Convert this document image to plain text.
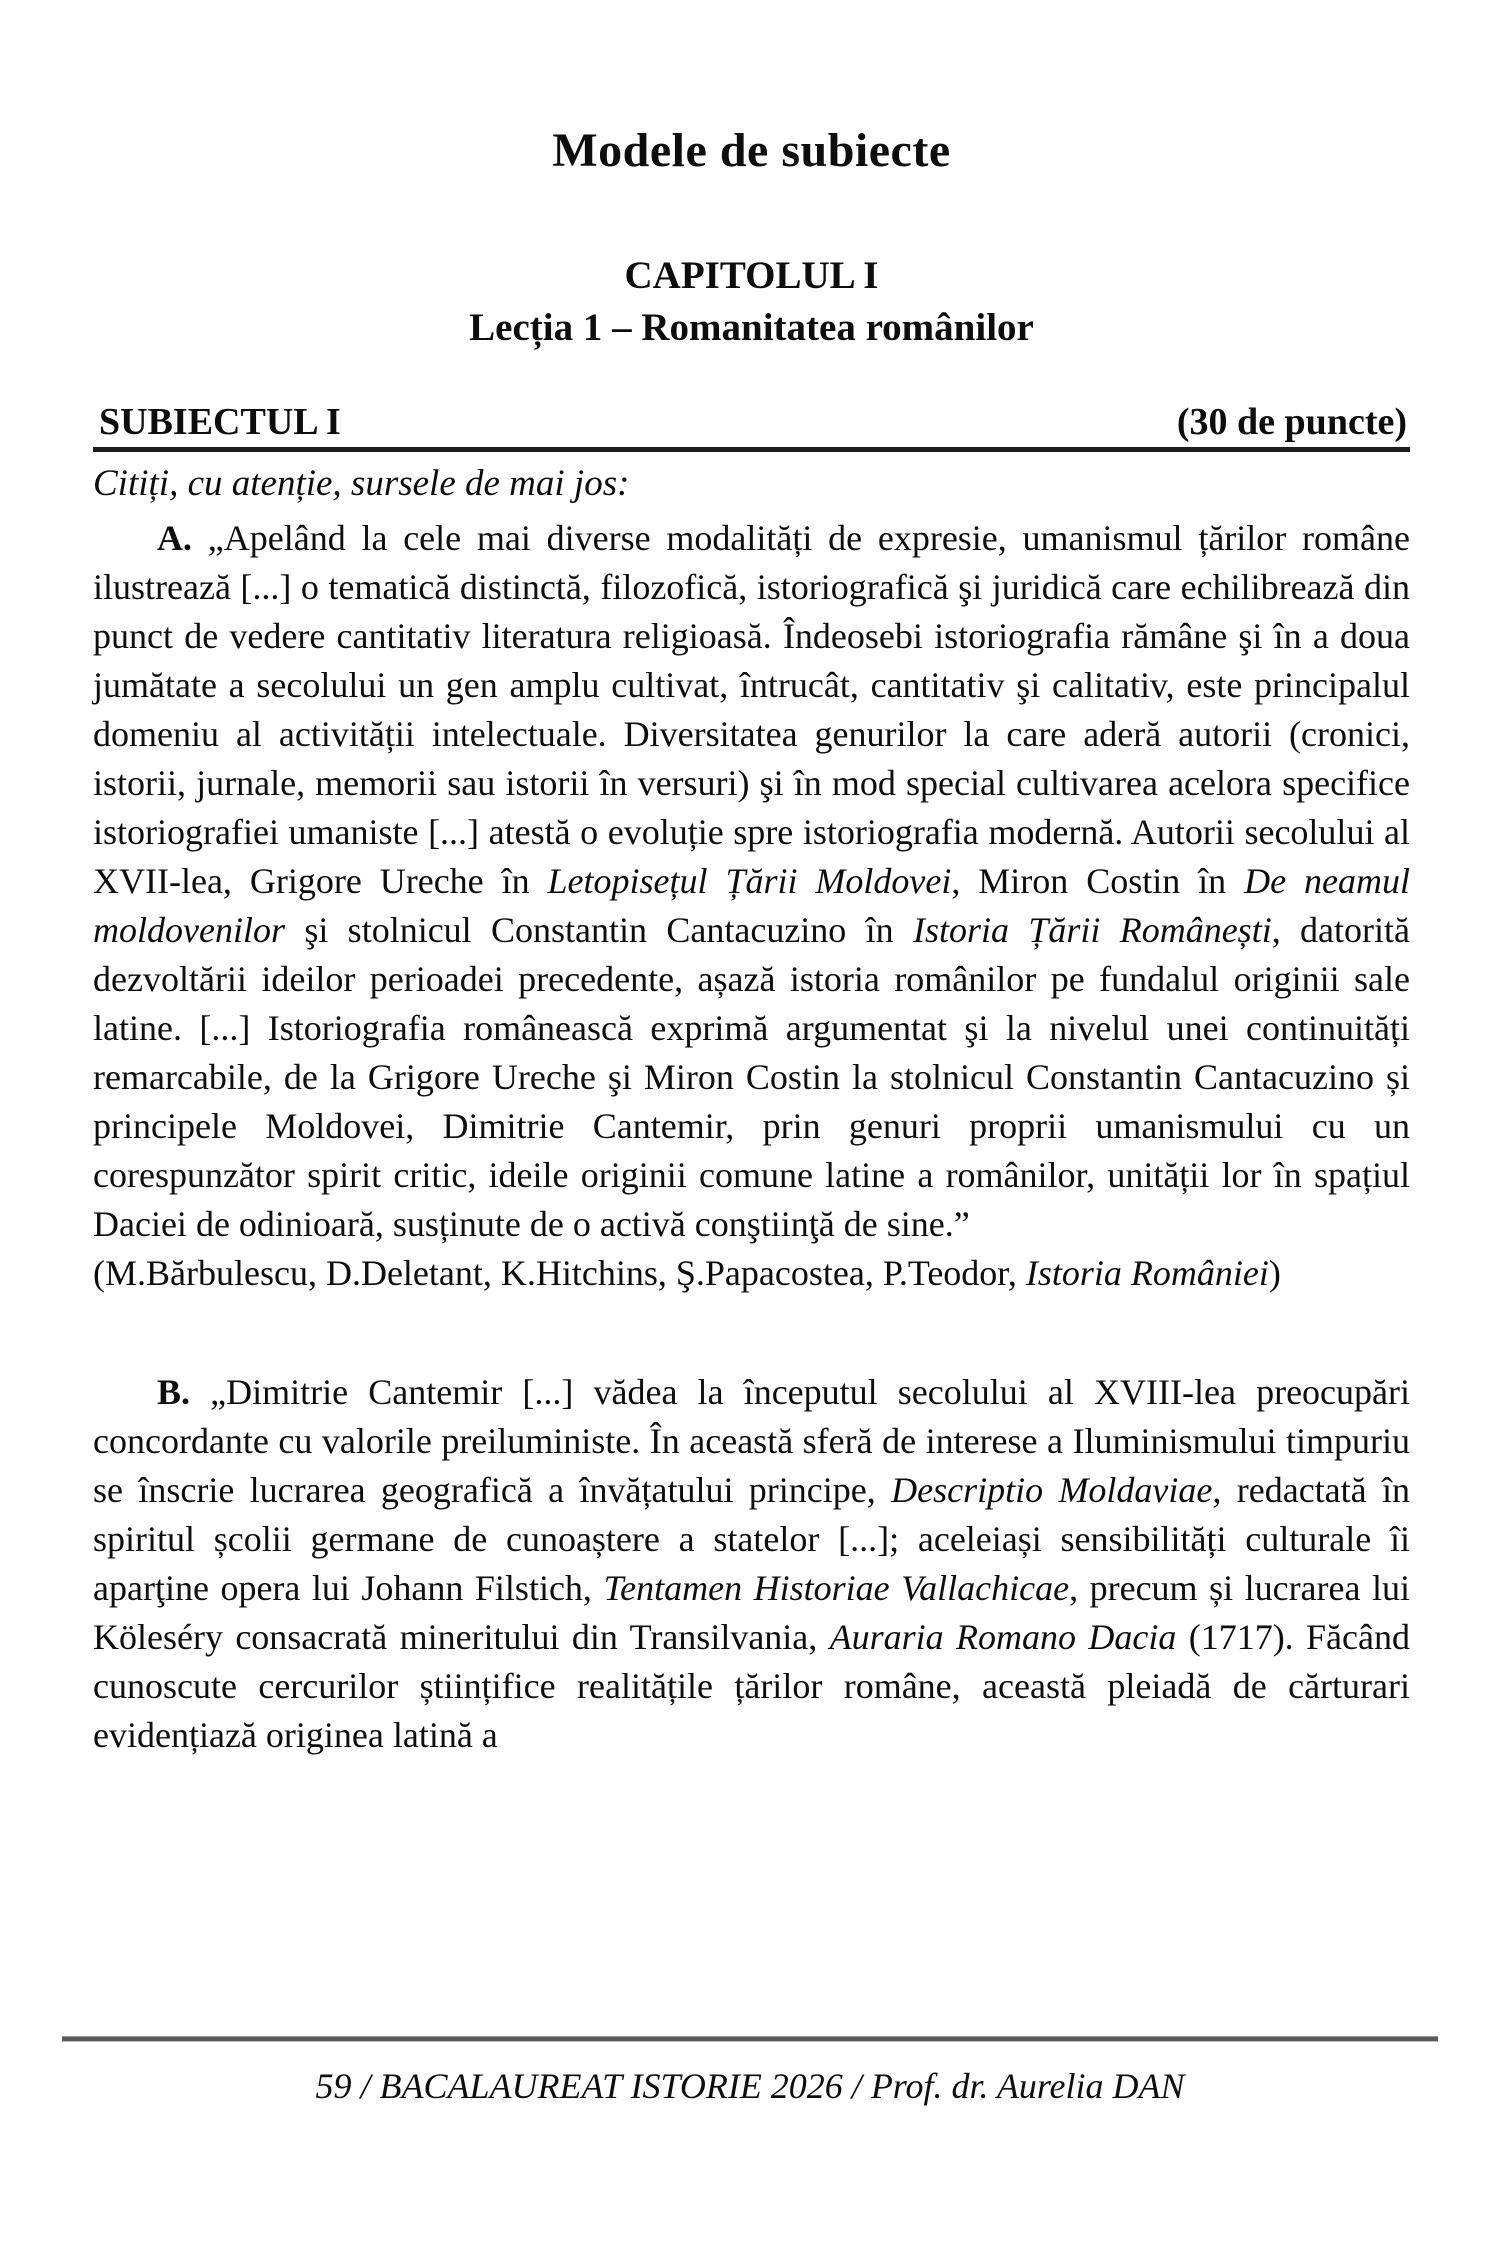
Modele de subiecte
CAPITOLUL I
Lecția 1 – Romanitatea românilor
SUBIECTUL I	(30 de puncte)
Citiți, cu atenție, sursele de mai jos:

A. „Apelând la cele mai diverse modalități de expresie, umanismul țărilor române ilustrează [...] o tematică distinctă, filozofică, istoriografică şi juridică care echilibrează din punct de vedere cantitativ literatura religioasă. Îndeosebi istoriografia rămâne şi în a doua jumătate a secolului un gen amplu cultivat, întrucât, cantitativ şi calitativ, este principalul domeniu al activității intelectuale. Diversitatea genurilor la care aderă autorii (cronici, istorii, jurnale, memorii sau istorii în versuri) şi în mod special cultivarea acelora specifice istoriografiei umaniste [...] atestă o evoluție spre istoriografia modernă. Autorii secolului al XVII-lea, Grigore Ureche în Letopisețul Țării Moldovei, Miron Costin în De neamul moldovenilor şi stolnicul Constantin Cantacuzino în Istoria Țării Românești, datorită dezvoltării ideilor perioadei precedente, așază istoria românilor pe fundalul originii sale latine. [...] Istoriografia românească exprimă argumentat şi la nivelul unei continuități remarcabile, de la Grigore Ureche şi Miron Costin la stolnicul Constantin Cantacuzino și principele Moldovei, Dimitrie Cantemir, prin genuri proprii umanismului cu un corespunzător spirit critic, ideile originii comune latine a românilor, unității lor în spațiul Daciei de odinioară, susținute de o activă conştiinţă de sine.”

(M.Bărbulescu, D.Deletant, K.Hitchins, Ş.Papacostea, P.Teodor, Istoria României)

B. „Dimitrie Cantemir [...] vădea la începutul secolului al XVIII-lea preocupări concordante cu valorile preiluministe. În această sferă de interese a Iluminismului timpuriu se înscrie lucrarea geografică a învățatului principe, Descriptio Moldaviae, redactată în spiritul școlii germane de cunoaștere a statelor [...]; aceleiași sensibilități culturale îi aparţine opera lui Johann Filstich, Tentamen Historiae Vallachicae, precum și lucrarea lui Köleséry consacrată mineritului din Transilvania, Auraria Romano Dacia (1717). Făcând cunoscute cercurilor științifice realitățile țărilor române, această pleiadă de cărturari evidențiază originea latină a

59 / BACALAUREAT ISTORIE 2026 / Prof. dr. Aurelia DAN
